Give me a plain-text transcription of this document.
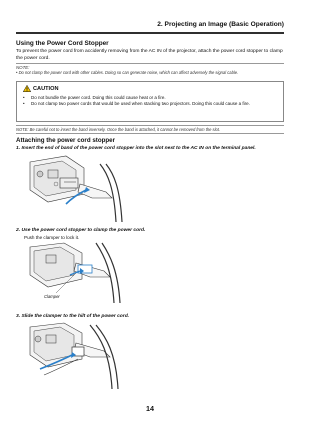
2. Projecting an Image (Basic Operation)
Using the Power Cord Stopper
To prevent the power cord from accidently removing from the AC IN of the projector, attach the power cord stopper to clamp the power cord.
NOTE:
• Do not clamp the power cord with other cables. Doing so can generate noise, which can affect adversely the signal cable.
CAUTION
•	Do not bundle the power cord. Doing this could cause heat or a fire.
•	Do not clamp two power cords that would be used when stacking two projectors. Doing this could cause a fire.
NOTE: Be careful not to insert the band inversely. Once the band is attached, it cannot be removed from the slot.
Attaching the power cord stopper
1. Insert the end of band of the power cord stopper into the slot next to the AC IN on the terminal panel.
2. Use the power cord stopper to clamp the power cord.
Push the clamper to lock it.
Clamper
3. Slide the clamper to the hilt of the power cord.
14
